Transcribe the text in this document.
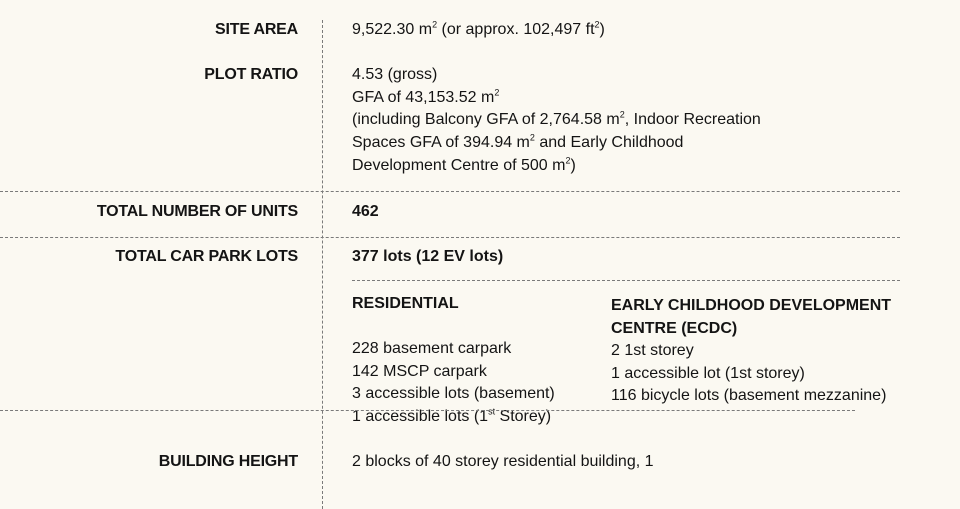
SITE AREA	9,522.30 $m^2$ (or approx. 102,497 $ft^2$)
PLOT RATIO	4.53 (gross)
GFA of 43,153.52 $m^2$
(including Balcony GFA of 2,764.58 $m^2$, Indoor Recreation
Spaces GFA of 394.94 $m^2$ and Early Childhood
Development Centre of 500 $m^2$)
TOTAL NUMBER OF UNITS	462
TOTAL CAR PARK LOTS	377 lots (12 EV lots)
RESIDENTIAL
228 basement carpark
142 MSCP carpark
3 accessible lots (basement)
1 accessible lots (1st Storey)
EARLY CHILDHOOD DEVELOPMENT
CENTRE (ECDC)
2 1st storey
1 accessible lot (1st storey)
116 bicycle lots (basement mezzanine)
BUILDING HEIGHT	2 blocks of 40 storey residential building, 1
